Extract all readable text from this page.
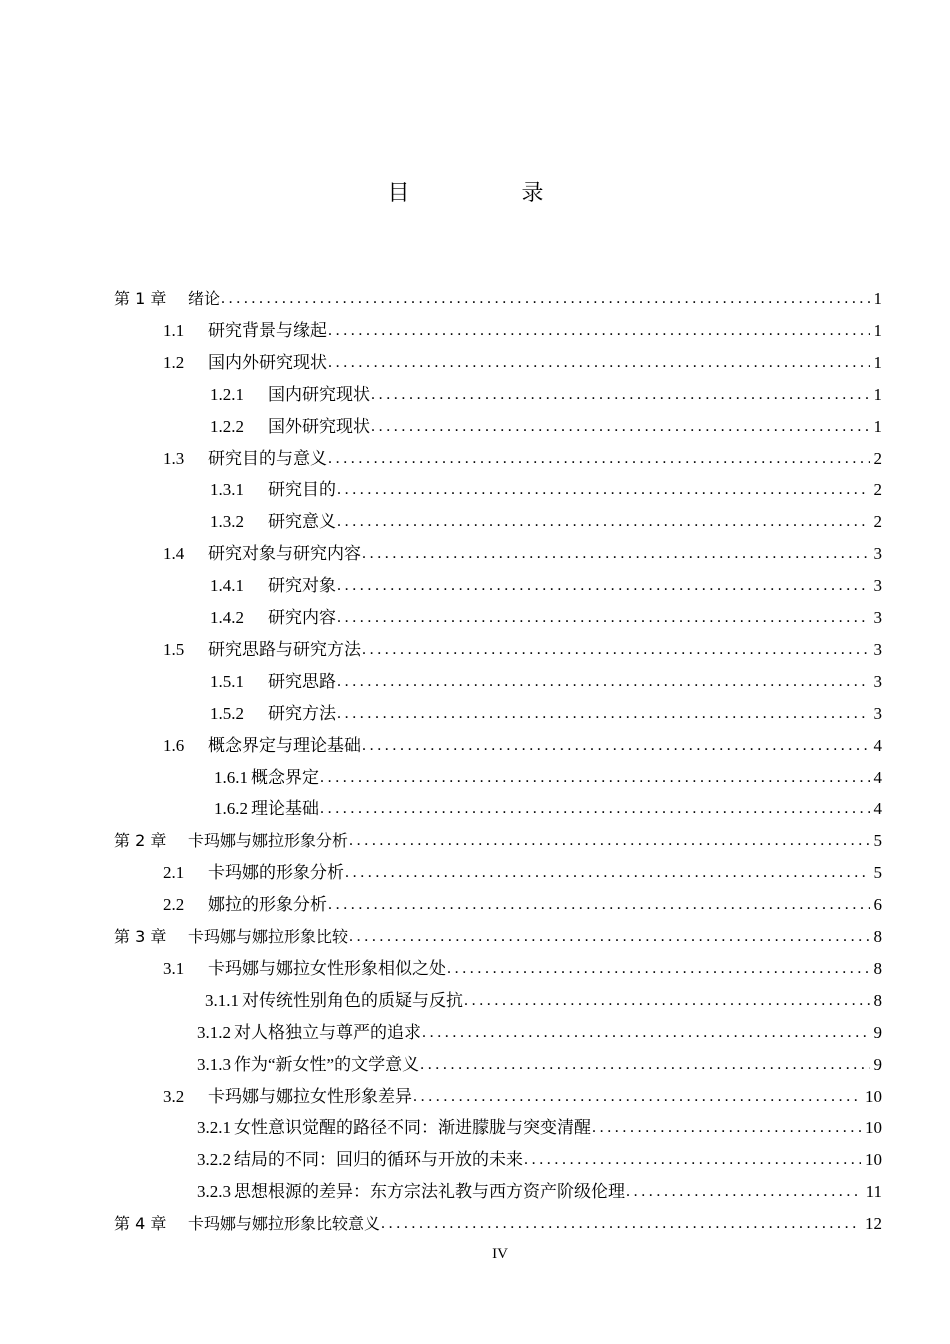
目　录
第 1 章	绪论 .....	1
1.1	研究背景与缘起 .....	1
1.2	国内外研究现状 .....	1
1.2.1	国内研究现状 .....	1
1.2.2	国外研究现状 .....	1
1.3	研究目的与意义 .....	2
1.3.1	研究目的 .....	2
1.3.2	研究意义 .....	2
1.4	研究对象与研究内容 .....	3
1.4.1	研究对象 .....	3
1.4.2	研究内容 .....	3
1.5	研究思路与研究方法 .....	3
1.5.1	研究思路 .....	3
1.5.2	研究方法 .....	3
1.6	概念界定与理论基础 .....	4
1.6.1 概念界定 .....	4
1.6.2 理论基础 .....	4
第 2 章	卡玛娜与娜拉形象分析 .....	5
2.1	卡玛娜的形象分析 .....	5
2.2	娜拉的形象分析 .....	6
第 3 章	卡玛娜与娜拉形象比较 .....	8
3.1	卡玛娜与娜拉女性形象相似之处 .....	8
3.1.1 对传统性别角色的质疑与反抗 .....	8
3.1.2 对人格独立与尊严的追求 .....	9
3.1.3 作为“新女性”的文学意义 .....	9
3.2	卡玛娜与娜拉女性形象差异 .....	10
3.2.1 女性意识觉醒的路径不同：渐进朦胧与突变清醒 .....	10
3.2.2 结局的不同：回归的循环与开放的未来 .....	10
3.2.3 思想根源的差异：东方宗法礼教与西方资产阶级伦理 .....	11
第 4 章	卡玛娜与娜拉形象比较意义 .....	12
IV
